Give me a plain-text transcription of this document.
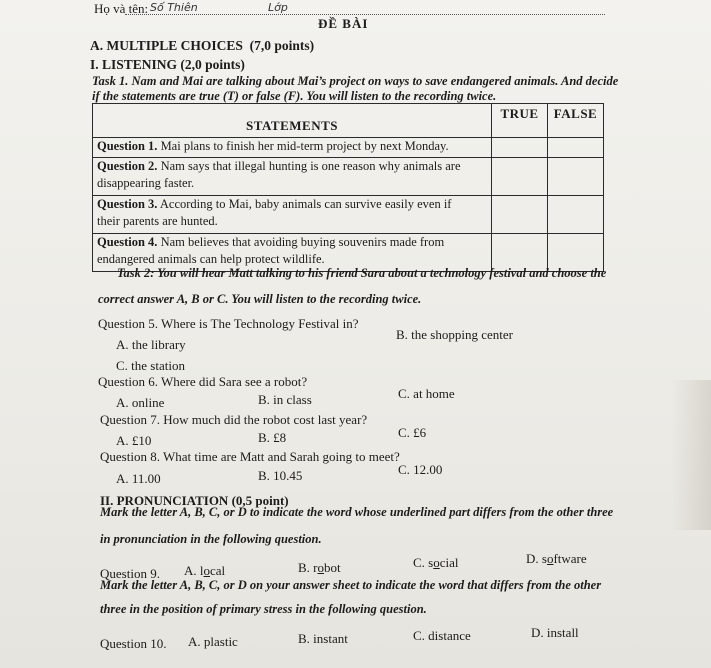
Họ và tên: Số Thiên	Lớp
ĐỀ BÀI
A. MULTIPLE CHOICES (7,0 points)
I. LISTENING (2,0 points)
Task 1. Nam and Mai are talking about Mai’s project on ways to save endangered animals. And decide
if the statements are true (T) or false (F). You will listen to the recording twice.
STATEMENTS	TRUE	FALSE
Question 1. Mai plans to finish her mid-term project by next Monday.		
Question 2. Nam says that illegal hunting is one reason why animals are
disappearing faster.		
Question 3. According to Mai, baby animals can survive easily even if
their parents are hunted.		
Question 4. Nam believes that avoiding buying souvenirs made from
endangered animals can help protect wildlife.		
Task 2: You will hear Matt talking to his friend Sara about a technology festival and choose the
correct answer A, B or C. You will listen to the recording twice.
Question 5. Where is The Technology Festival in?
A. the library
B. the shopping center
C. the station
Question 6. Where did Sara see a robot?
A. online	B. in class	C. at home
Question 7. How much did the robot cost last year?
A. £10	B. £8	C. £6
Question 8. What time are Matt and Sarah going to meet?
A. 11.00	B. 10.45	C. 12.00
II. PRONUNCIATION (0,5 point)
Mark the letter A, B, C, or D to indicate the word whose underlined part differs from the other three
in pronunciation in the following question.
Question 9. A. local	B. robot	C. social	D. software
Mark the letter A, B, C, or D on your answer sheet to indicate the word that differs from the other
three in the position of primary stress in the following question.
Question 10. A. plastic	B. instant	C. distance	D. install
